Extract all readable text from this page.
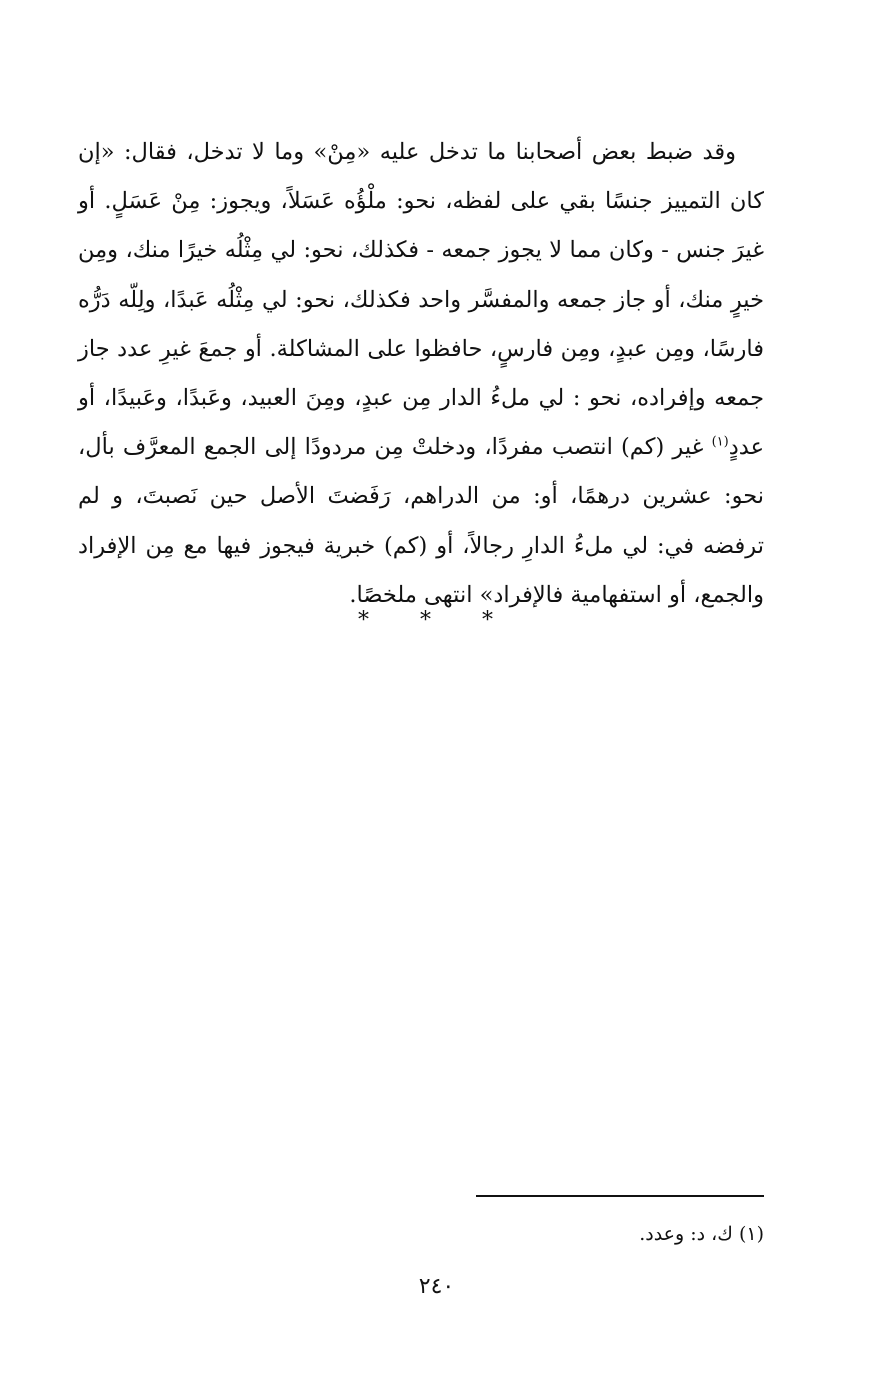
وقد ضبط بعض أصحابنا ما تدخل عليه «مِنْ» وما لا تدخل، فقال: «إن كان التمييز جنسًا بقي على لفظه، نحو: ملْؤُه عَسَلاً، ويجوز: مِنْ عَسَلٍ. أو غيرَ جنس - وكان مما لا يجوز جمعه - فكذلك، نحو: لي مِثْلُه خيرًا منك، ومِن خيرٍ منك، أو جاز جمعه والمفسَّر واحد فكذلك، نحو: لي مِثْلُه عَبدًا، ولِلّه دَرُّه فارسًا، ومِن عبدٍ، ومِن فارسٍ، حافظوا على المشاكلة. أو جمعَ غيرِ عدد جاز جمعه وإفراده، نحو : لي ملءُ الدار مِن عبدٍ، ومِنَ العبيد، وعَبدًا، وعَبيدًا، أو عددٍ$^{(١)}$ غير (كم) انتصب مفردًا، ودخلتْ مِن مردودًا إلى الجمع المعرَّف بأل، نحو: عشرين درهمًا، أو: من الدراهم، رَفَضتَ الأصل حين نَصبتَ، و لم ترفضه في: لي ملءُ الدارِ رجالاً، أو (كم) خبرية فيجوز فيها مع مِن الإفراد والجمع، أو استفهامية فالإفراد» انتهى ملخصًا.

* * *
(١) ك، د: وعدد.
٢٤٠
